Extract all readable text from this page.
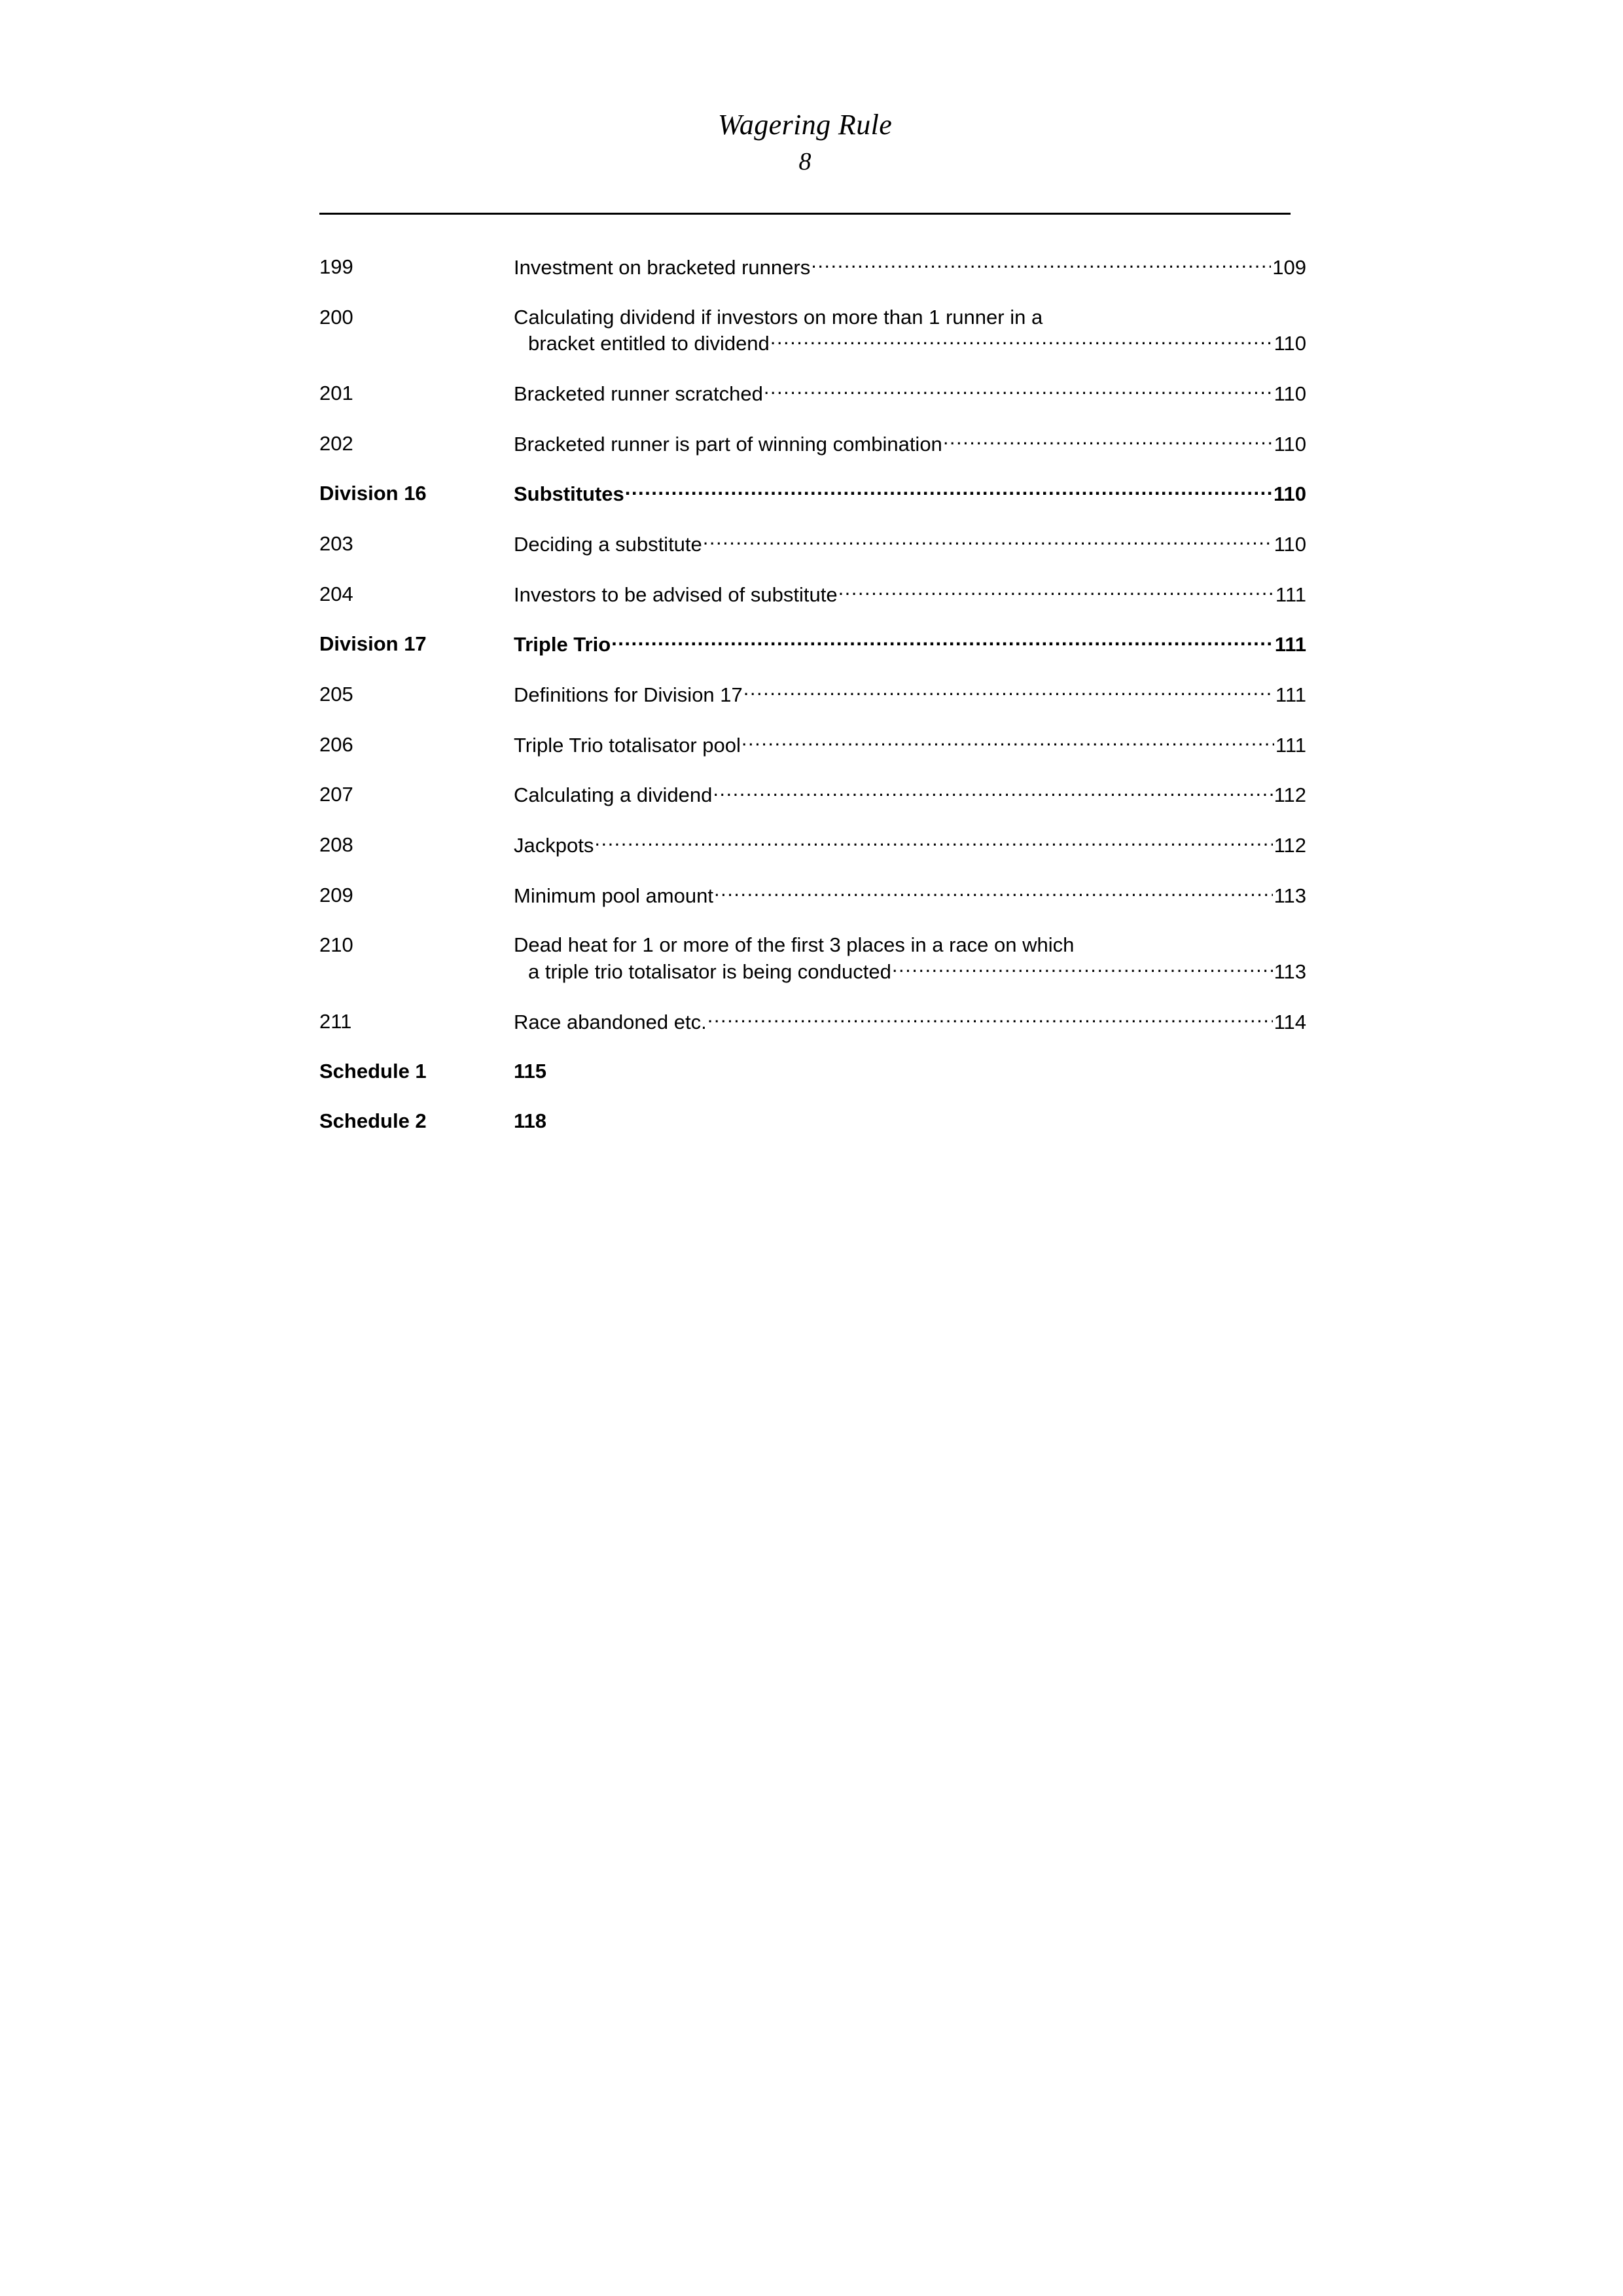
Wagering Rule
8
199	Investment on bracketed runners .....	109
200	Calculating dividend if investors on more than 1 runner in a
bracket entitled to dividend .....	110
201	Bracketed runner scratched .....	110
202	Bracketed runner is part of winning combination .....	110
Division 16	Substitutes .....	110
203	Deciding a substitute .....	110
204	Investors to be advised of substitute .....	111
Division 17	Triple Trio .....	111
205	Definitions for Division 17 .....	111
206	Triple Trio totalisator pool .....	111
207	Calculating a dividend .....	112
208	Jackpots .....	112
209	Minimum pool amount .....	113
210	Dead heat for 1 or more of the first 3 places in a race on which
a triple trio totalisator is being conducted .....	113
211	Race abandoned etc. .....	114
Schedule 1	115
Schedule 2	118
